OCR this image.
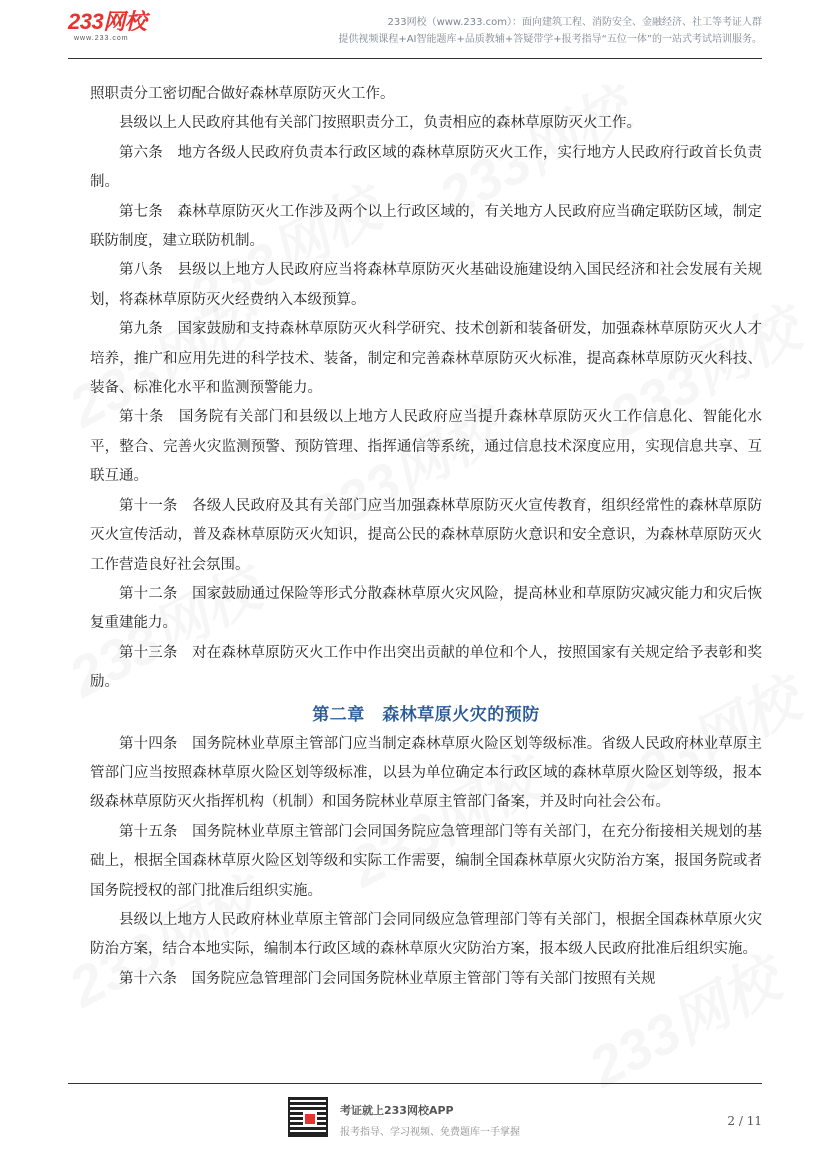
233网校
www.233.com
233网校（www.233.com）：面向建筑工程、消防安全、金融经济、社工等考证人群
提供视频课程+AI智能题库+品质教辅+答疑带学+报考指导“五位一体”的一站式考试培训服务。

照职责分工密切配合做好森林草原防灭火工作。

县级以上人民政府其他有关部门按照职责分工，负责相应的森林草原防灭火工作。

第六条　地方各级人民政府负责本行政区域的森林草原防灭火工作，实行地方人民政府行政首长负责制。

第七条　森林草原防灭火工作涉及两个以上行政区域的，有关地方人民政府应当确定联防区域，制定联防制度，建立联防机制。

第八条　县级以上地方人民政府应当将森林草原防灭火基础设施建设纳入国民经济和社会发展有关规划，将森林草原防灭火经费纳入本级预算。

第九条　国家鼓励和支持森林草原防灭火科学研究、技术创新和装备研发，加强森林草原防灭火人才培养，推广和应用先进的科学技术、装备，制定和完善森林草原防灭火标准，提高森林草原防灭火科技、装备、标准化水平和监测预警能力。

第十条　国务院有关部门和县级以上地方人民政府应当提升森林草原防灭火工作信息化、智能化水平，整合、完善火灾监测预警、预防管理、指挥通信等系统，通过信息技术深度应用，实现信息共享、互联互通。

第十一条　各级人民政府及其有关部门应当加强森林草原防灭火宣传教育，组织经常性的森林草原防灭火宣传活动，普及森林草原防灭火知识，提高公民的森林草原防火意识和安全意识，为森林草原防灭火工作营造良好社会氛围。

第十二条　国家鼓励通过保险等形式分散森林草原火灾风险，提高林业和草原防灾减灾能力和灾后恢复重建能力。

第十三条　对在森林草原防灭火工作中作出突出贡献的单位和个人，按照国家有关规定给予表彰和奖励。

第二章　森林草原火灾的预防

第十四条　国务院林业草原主管部门应当制定森林草原火险区划等级标准。省级人民政府林业草原主管部门应当按照森林草原火险区划等级标准，以县为单位确定本行政区域的森林草原火险区划等级，报本级森林草原防灭火指挥机构（机制）和国务院林业草原主管部门备案，并及时向社会公布。

第十五条　国务院林业草原主管部门会同国务院应急管理部门等有关部门，在充分衔接相关规划的基础上，根据全国森林草原火险区划等级和实际工作需要，编制全国森林草原火灾防治方案，报国务院或者国务院授权的部门批准后组织实施。

县级以上地方人民政府林业草原主管部门会同同级应急管理部门等有关部门，根据全国森林草原火灾防治方案，结合本地实际，编制本行政区域的森林草原火灾防治方案，报本级人民政府批准后组织实施。

第十六条　国务院应急管理部门会同国务院林业草原主管部门等有关部门按照有关规

考证就上233网校APP
报考指导、学习视频、免费题库一手掌握
2 / 11
